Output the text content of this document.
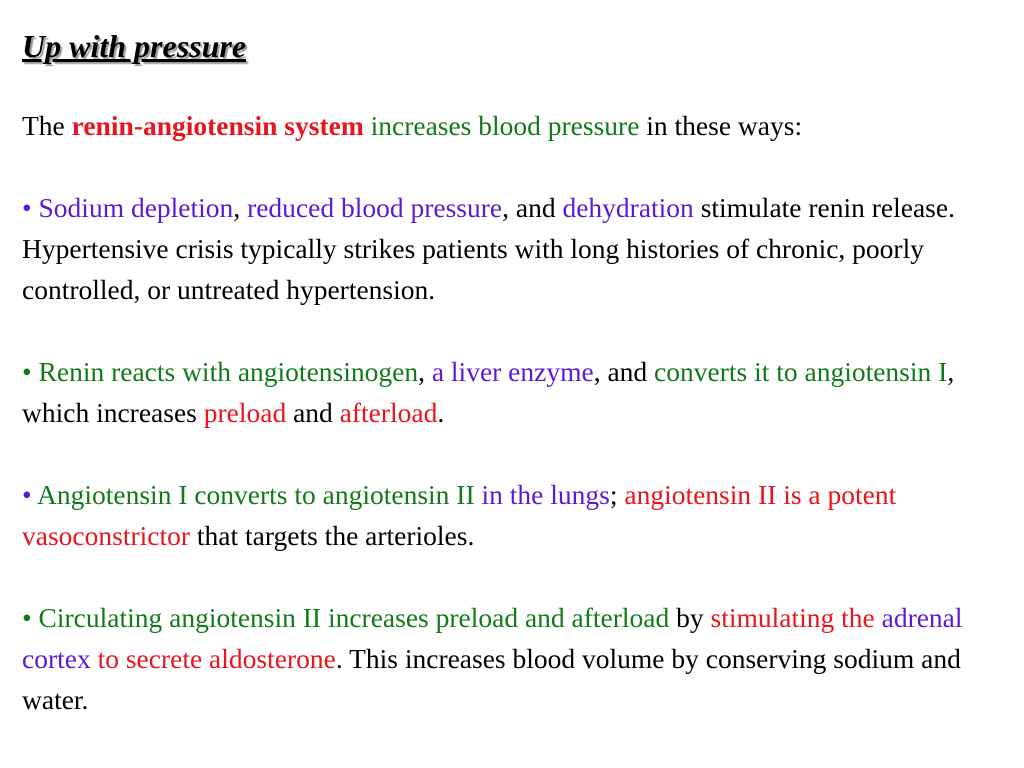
Up with pressure
The renin-angiotensin system increases blood pressure in these ways:
• Sodium depletion, reduced blood pressure, and dehydration stimulate renin release. Hypertensive crisis typically strikes patients with long histories of chronic, poorly controlled, or untreated hypertension.
• Renin reacts with angiotensinogen, a liver enzyme, and converts it to angiotensin I, which increases preload and afterload.
• Angiotensin I converts to angiotensin II in the lungs; angiotensin II is a potent vasoconstrictor that targets the arterioles.
• Circulating angiotensin II increases preload and afterload by stimulating the adrenal cortex to secrete aldosterone. This increases blood volume by conserving sodium and water.
